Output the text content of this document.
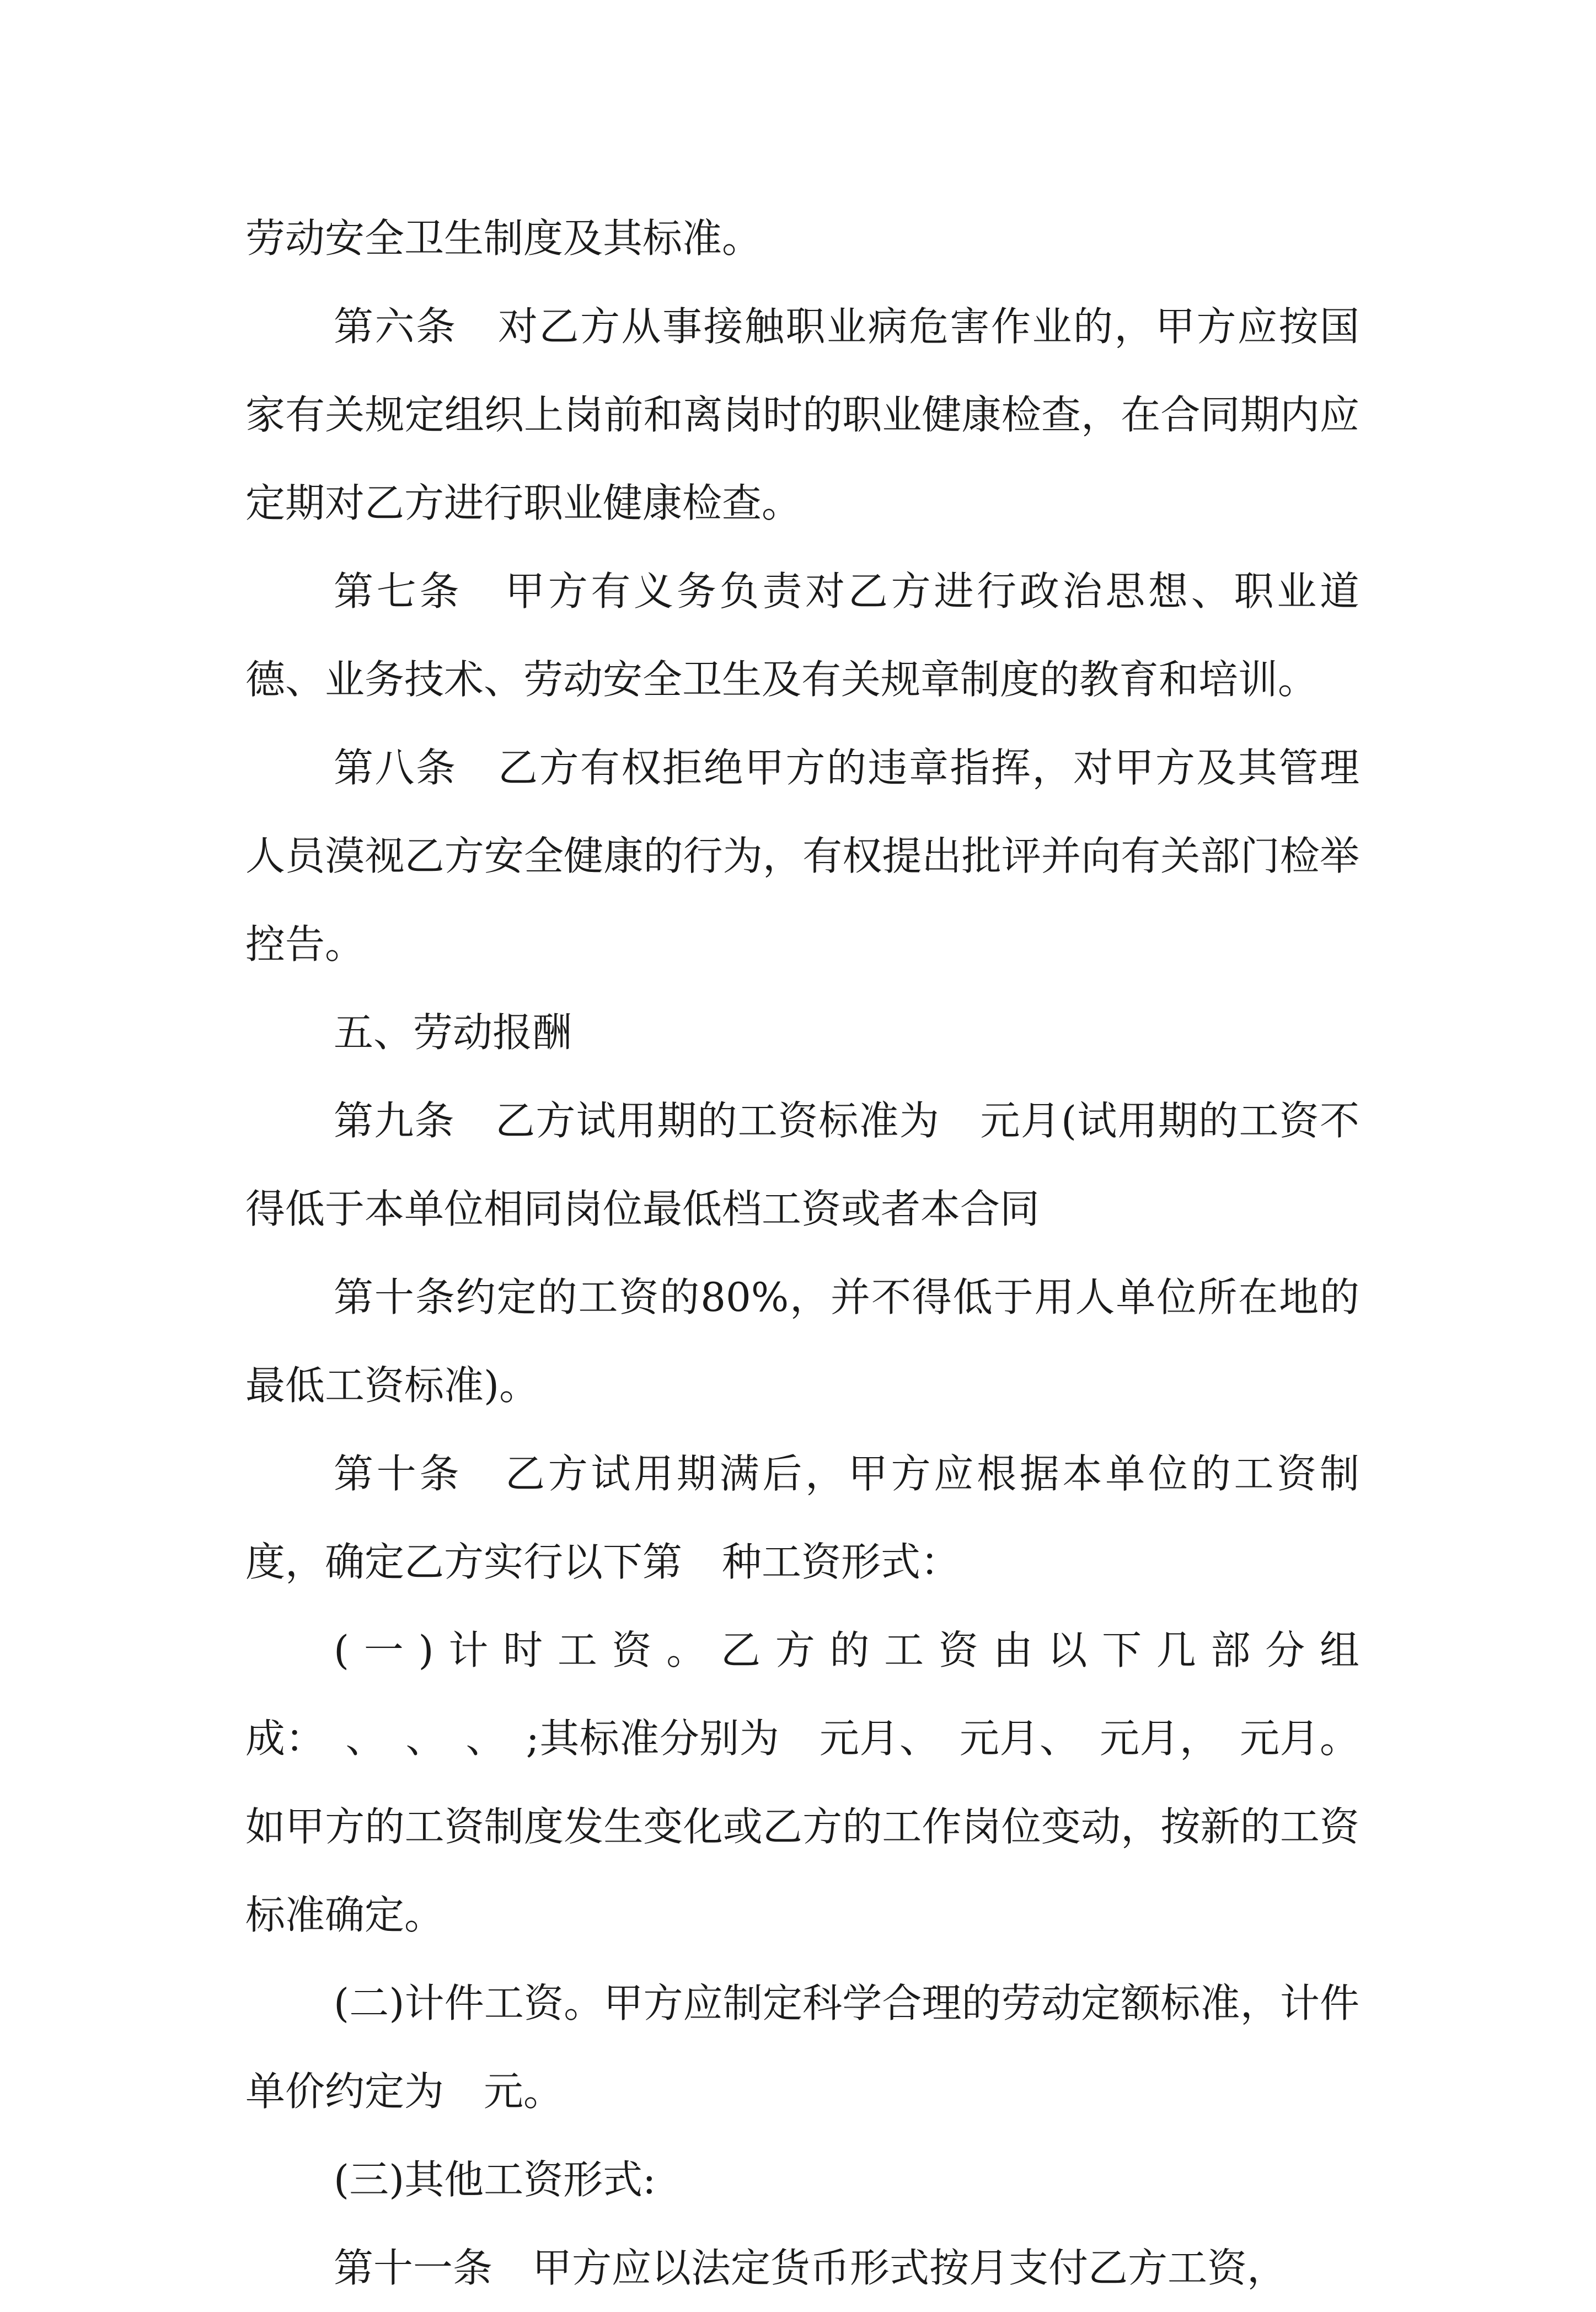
劳动安全卫生制度及其标准。

第六条　对乙方从事接触职业病危害作业的，甲方应按国家有关规定组织上岗前和离岗时的职业健康检查，在合同期内应定期对乙方进行职业健康检查。

第七条　甲方有义务负责对乙方进行政治思想、职业道德、业务技术、劳动安全卫生及有关规章制度的教育和培训。

第八条　乙方有权拒绝甲方的违章指挥，对甲方及其管理人员漠视乙方安全健康的行为，有权提出批评并向有关部门检举控告。

五、劳动报酬

第九条　乙方试用期的工资标准为　元月(试用期的工资不得低于本单位相同岗位最低档工资或者本合同

第十条约定的工资的80%，并不得低于用人单位所在地的最低工资标准)。

第十条　乙方试用期满后，甲方应根据本单位的工资制度，确定乙方实行以下第　种工资形式：

(一)计时工资。乙方的工资由以下几部分组成：　、　、　、　;其标准分别为　元月、　元月、　元月，　元月。如甲方的工资制度发生变化或乙方的工作岗位变动，按新的工资标准确定。

(二)计件工资。甲方应制定科学合理的劳动定额标准，计件单价约定为　元。

(三)其他工资形式:

第十一条　甲方应以法定货币形式按月支付乙方工资，
